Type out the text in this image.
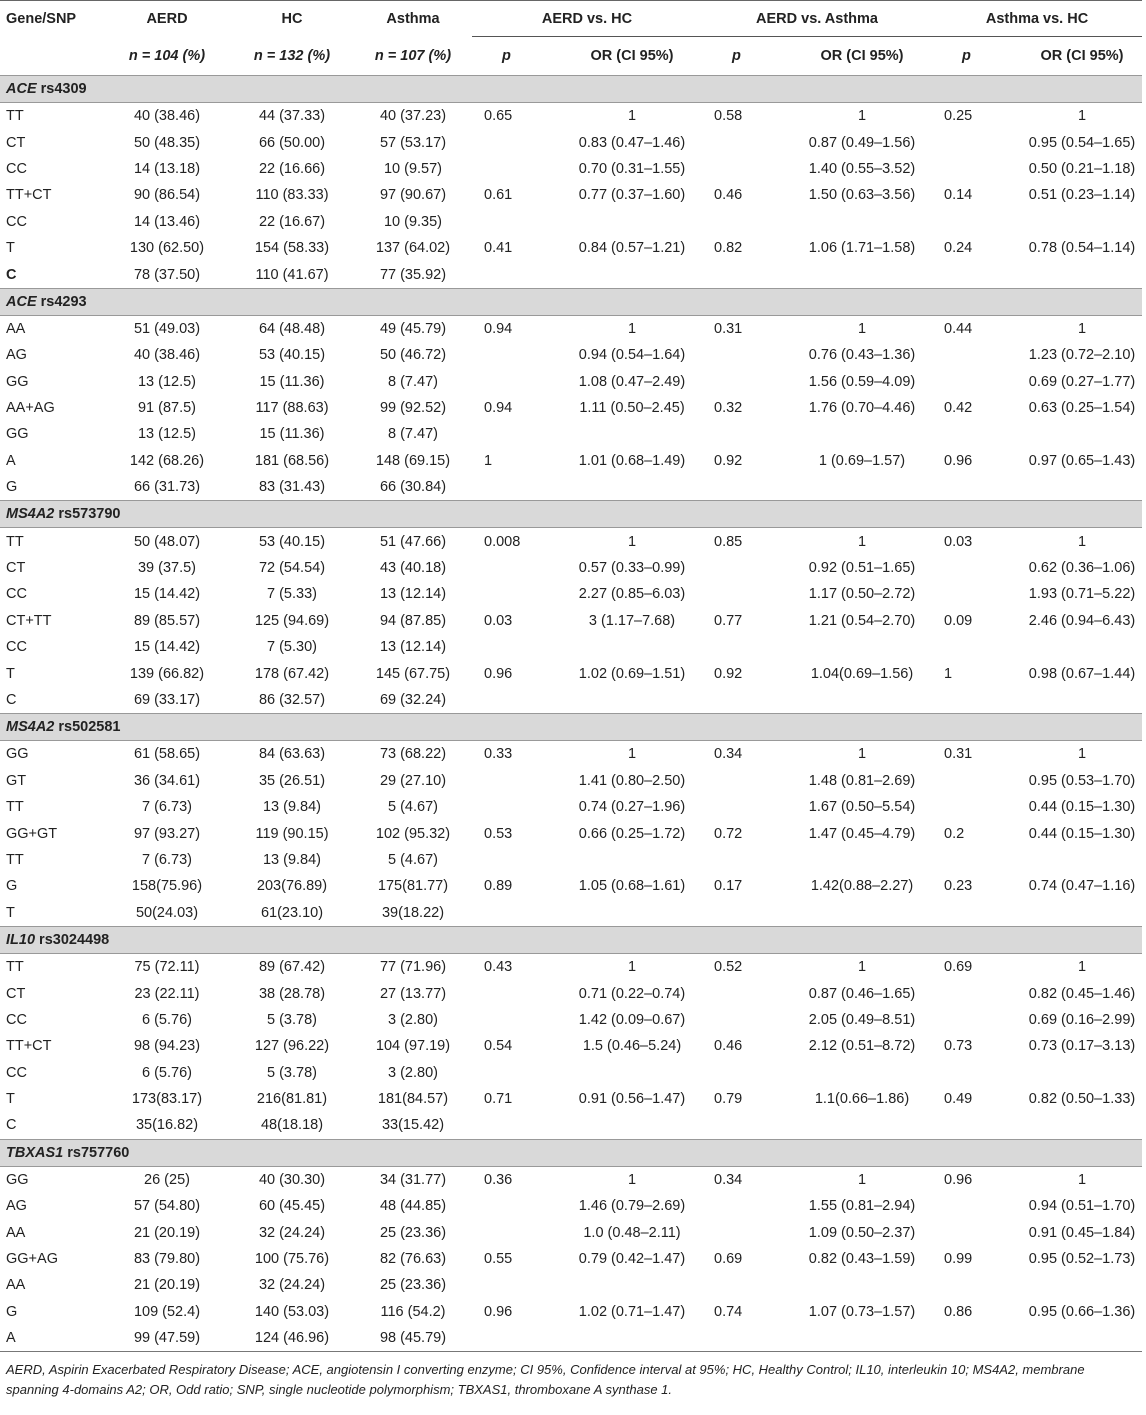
Gene/SNP	AERD	HC	Asthma	AERD vs. HC		AERD vs. Asthma		Asthma vs. HC	
	n = 104 (%)	n = 132 (%)	n = 107 (%)	p	OR (CI 95%)	p	OR (CI 95%)	p	OR (CI 95%)
ACE rs4309									
TT	40 (38.46)	44 (37.33)	40 (37.23)	0.65	1	0.58	1	0.25	1
CT	50 (48.35)	66 (50.00)	57 (53.17)		0.83 (0.47–1.46)		0.87 (0.49–1.56)		0.95 (0.54–1.65)
CC	14 (13.18)	22 (16.66)	10 (9.57)		0.70 (0.31–1.55)		1.40 (0.55–3.52)		0.50 (0.21–1.18)
TT+CT	90 (86.54)	110 (83.33)	97 (90.67)	0.61	0.77 (0.37–1.60)	0.46	1.50 (0.63–3.56)	0.14	0.51 (0.23–1.14)
CC	14 (13.46)	22 (16.67)	10 (9.35)						
T	130 (62.50)	154 (58.33)	137 (64.02)	0.41	0.84 (0.57–1.21)	0.82	1.06 (1.71–1.58)	0.24	0.78 (0.54–1.14)
C	78 (37.50)	110 (41.67)	77 (35.92)						
ACE rs4293									
AA	51 (49.03)	64 (48.48)	49 (45.79)	0.94	1	0.31	1	0.44	1
AG	40 (38.46)	53 (40.15)	50 (46.72)		0.94 (0.54–1.64)		0.76 (0.43–1.36)		1.23 (0.72–2.10)
GG	13 (12.5)	15 (11.36)	8 (7.47)		1.08 (0.47–2.49)		1.56 (0.59–4.09)		0.69 (0.27–1.77)
AA+AG	91 (87.5)	117 (88.63)	99 (92.52)	0.94	1.11 (0.50–2.45)	0.32	1.76 (0.70–4.46)	0.42	0.63 (0.25–1.54)
GG	13 (12.5)	15 (11.36)	8 (7.47)						
A	142 (68.26)	181 (68.56)	148 (69.15)	1	1.01 (0.68–1.49)	0.92	1 (0.69–1.57)	0.96	0.97 (0.65–1.43)
G	66 (31.73)	83 (31.43)	66 (30.84)						
MS4A2 rs573790									
TT	50 (48.07)	53 (40.15)	51 (47.66)	0.008	1	0.85	1	0.03	1
CT	39 (37.5)	72 (54.54)	43 (40.18)		0.57 (0.33–0.99)		0.92 (0.51–1.65)		0.62 (0.36–1.06)
CC	15 (14.42)	7 (5.33)	13 (12.14)		2.27 (0.85–6.03)		1.17 (0.50–2.72)		1.93 (0.71–5.22)
CT+TT	89 (85.57)	125 (94.69)	94 (87.85)	0.03	3 (1.17–7.68)	0.77	1.21 (0.54–2.70)	0.09	2.46 (0.94–6.43)
CC	15 (14.42)	7 (5.30)	13 (12.14)						
T	139 (66.82)	178 (67.42)	145 (67.75)	0.96	1.02 (0.69–1.51)	0.92	1.04(0.69–1.56)	1	0.98 (0.67–1.44)
C	69 (33.17)	86 (32.57)	69 (32.24)						
MS4A2 rs502581									
GG	61 (58.65)	84 (63.63)	73 (68.22)	0.33	1	0.34	1	0.31	1
GT	36 (34.61)	35 (26.51)	29 (27.10)		1.41 (0.80–2.50)		1.48 (0.81–2.69)		0.95 (0.53–1.70)
TT	7 (6.73)	13 (9.84)	5 (4.67)		0.74 (0.27–1.96)		1.67 (0.50–5.54)		0.44 (0.15–1.30)
GG+GT	97 (93.27)	119 (90.15)	102 (95.32)	0.53	0.66 (0.25–1.72)	0.72	1.47 (0.45–4.79)	0.2	0.44 (0.15–1.30)
TT	7 (6.73)	13 (9.84)	5 (4.67)						
G	158(75.96)	203(76.89)	175(81.77)	0.89	1.05 (0.68–1.61)	0.17	1.42(0.88–2.27)	0.23	0.74 (0.47–1.16)
T	50(24.03)	61(23.10)	39(18.22)						
IL10 rs3024498									
TT	75 (72.11)	89 (67.42)	77 (71.96)	0.43	1	0.52	1	0.69	1
CT	23 (22.11)	38 (28.78)	27 (13.77)		0.71 (0.22–0.74)		0.87 (0.46–1.65)		0.82 (0.45–1.46)
CC	6 (5.76)	5 (3.78)	3 (2.80)		1.42 (0.09–0.67)		2.05 (0.49–8.51)		0.69 (0.16–2.99)
TT+CT	98 (94.23)	127 (96.22)	104 (97.19)	0.54	1.5 (0.46–5.24)	0.46	2.12 (0.51–8.72)	0.73	0.73 (0.17–3.13)
CC	6 (5.76)	5 (3.78)	3 (2.80)						
T	173(83.17)	216(81.81)	181(84.57)	0.71	0.91 (0.56–1.47)	0.79	1.1(0.66–1.86)	0.49	0.82 (0.50–1.33)
C	35(16.82)	48(18.18)	33(15.42)						
TBXAS1 rs757760									
GG	26 (25)	40 (30.30)	34 (31.77)	0.36	1	0.34	1	0.96	1
AG	57 (54.80)	60 (45.45)	48 (44.85)		1.46 (0.79–2.69)		1.55 (0.81–2.94)		0.94 (0.51–1.70)
AA	21 (20.19)	32 (24.24)	25 (23.36)		1.0 (0.48–2.11)		1.09 (0.50–2.37)		0.91 (0.45–1.84)
GG+AG	83 (79.80)	100 (75.76)	82 (76.63)	0.55	0.79 (0.42–1.47)	0.69	0.82 (0.43–1.59)	0.99	0.95 (0.52–1.73)
AA	21 (20.19)	32 (24.24)	25 (23.36)						
G	109 (52.4)	140 (53.03)	116 (54.2)	0.96	1.02 (0.71–1.47)	0.74	1.07 (0.73–1.57)	0.86	0.95 (0.66–1.36)
A	99 (47.59)	124 (46.96)	98 (45.79)						
AERD, Aspirin Exacerbated Respiratory Disease; ACE, angiotensin I converting enzyme; CI 95%, Confidence interval at 95%; HC, Healthy Control; IL10, interleukin 10; MS4A2, membrane spanning 4-domains A2; OR, Odd ratio; SNP, single nucleotide polymorphism; TBXAS1, thromboxane A synthase 1.
